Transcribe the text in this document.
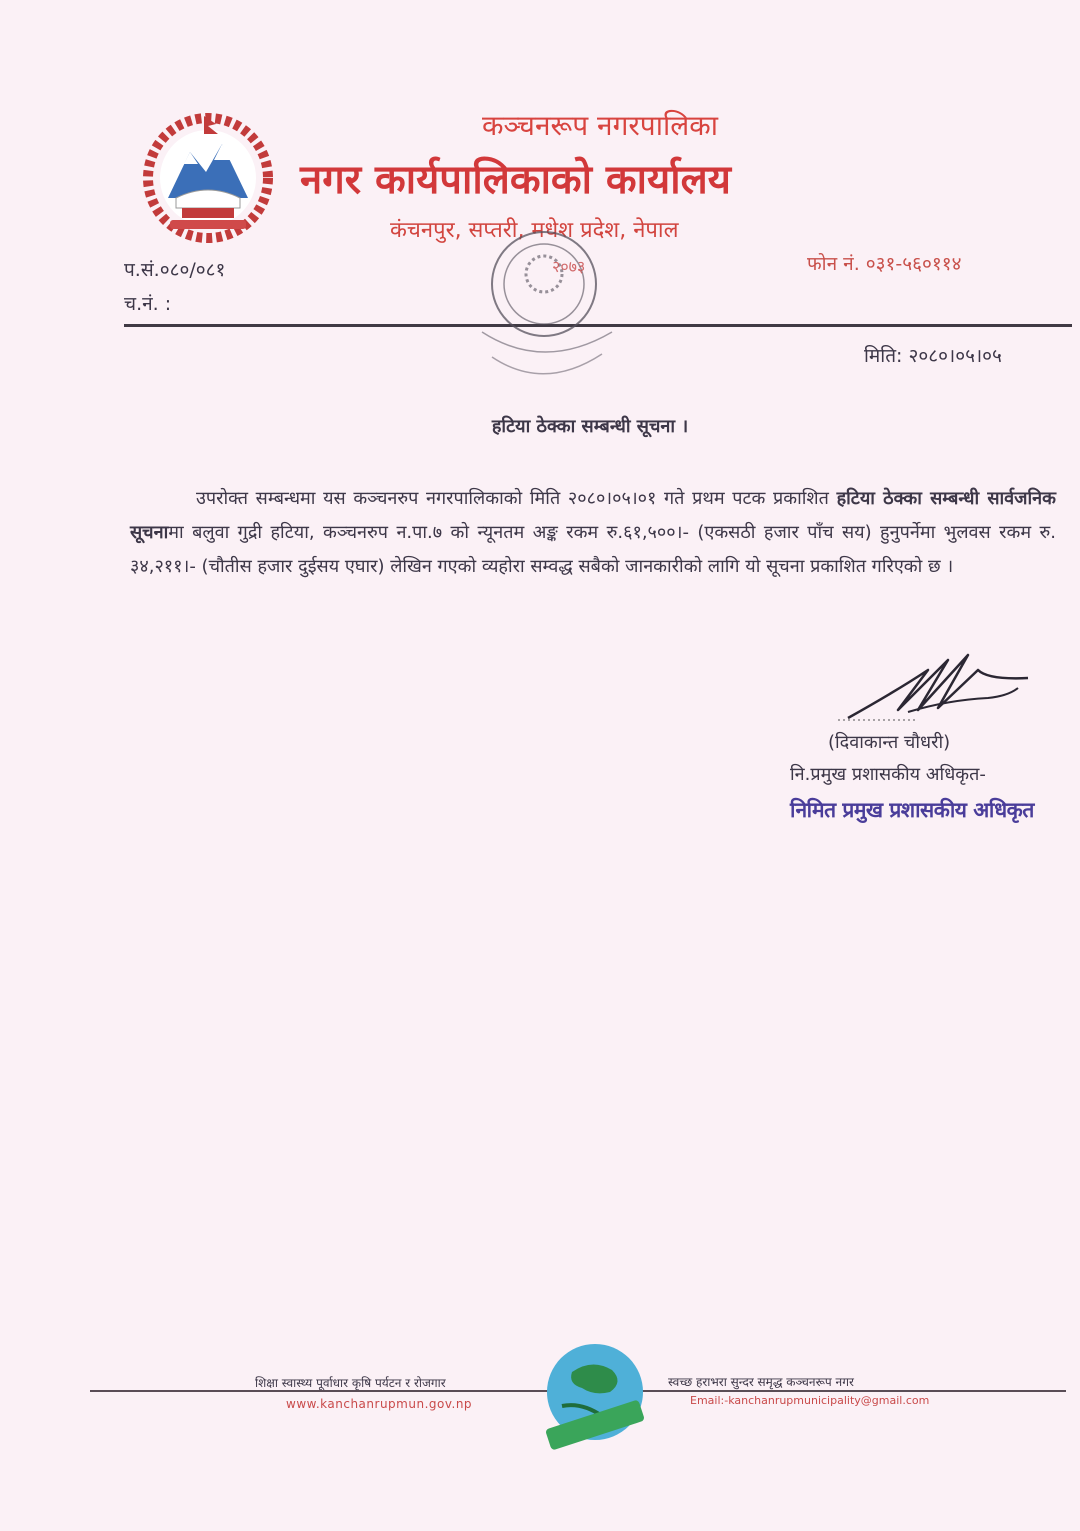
कञ्चनरूप नगरपालिका
नगर कार्यपालिकाको कार्यालय
कंचनपुर, सप्तरी, मधेश प्रदेश, नेपाल
प.सं.०८०/०८१
च.नं. :
फोन नं. ०३१-५६०११४
२०७३
मिति: २०८०।०५।०५
हटिया ठेक्का सम्बन्धी सूचना ।
उपरोक्त सम्बन्धमा यस कञ्चनरुप नगरपालिकाको मिति २०८०।०५।०१ गते प्रथम पटक प्रकाशित हटिया ठेक्का सम्बन्धी सार्वजनिक सूचनामा बलुवा गुद्री हटिया, कञ्चनरुप न.पा.७ को न्यूनतम अङ्क रकम रु.६१,५००।- (एकसठी हजार पाँच सय) हुनुपर्नेमा भुलवस रकम रु. ३४,२११।- (चौतीस हजार दुईसय एघार) लेखिन गएको व्यहोरा सम्वद्ध सबैको जानकारीको लागि यो सूचना प्रकाशित गरिएको छ ।
(दिवाकान्त चौधरी)
नि.प्रमुख प्रशासकीय अधिकृत-
निमित प्रमुख प्रशासकीय अधिकृत
शिक्षा स्वास्थ्य पूर्वाधार कृषि पर्यटन र रोजगार
www.kanchanrupmun.gov.np
स्वच्छ हराभरा सुन्दर समृद्ध कञ्चनरूप नगर
Email:-kanchanrupmunicipality@gmail.com
